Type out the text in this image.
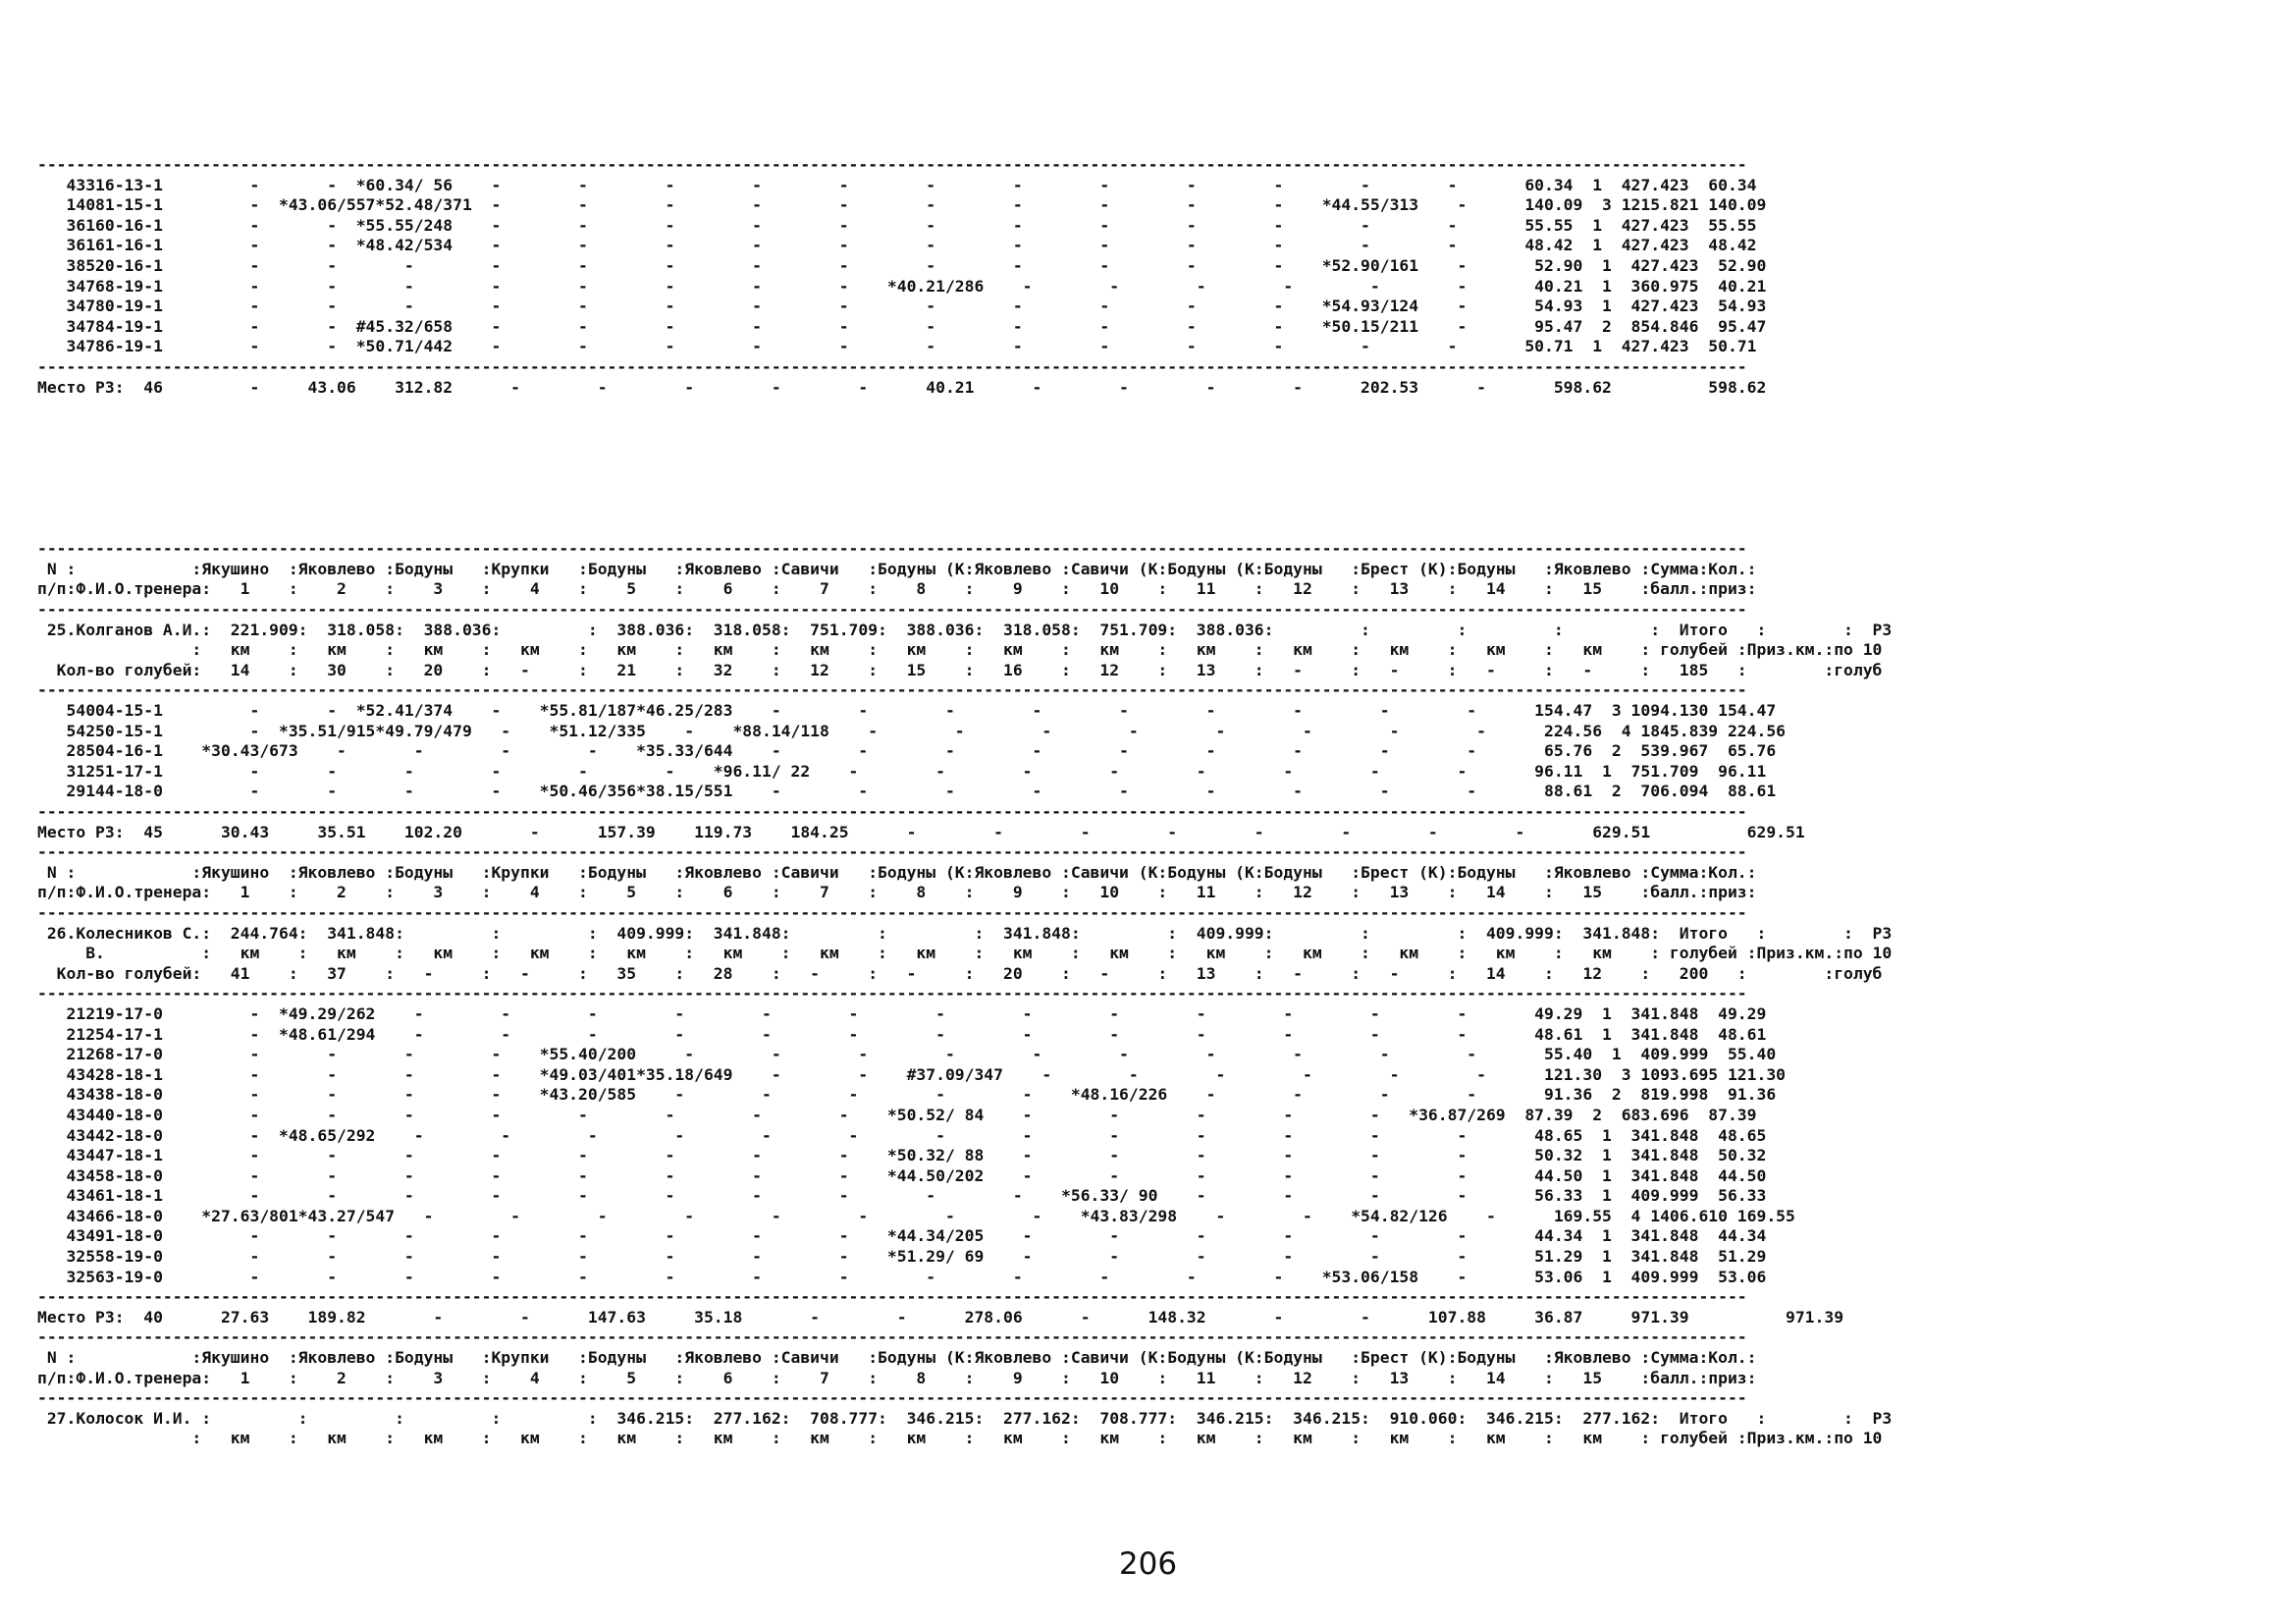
---------------------------------------------------------------------------------------------------------------------------------------------------------------------------------
43316-13-1         -       -  *60.34/ 56    -        -        -        -        -        -        -        -        -        -        -        -       60.34  1  427.423  60.34
14081-15-1         -  *43.06/557*52.48/371  -        -        -        -        -        -        -        -        -        -    *44.55/313    -      140.09  3 1215.821 140.09
36160-16-1         -       -  *55.55/248    -        -        -        -        -        -        -        -        -        -        -        -       55.55  1  427.423  55.55
36161-16-1         -       -  *48.42/534    -        -        -        -        -        -        -        -        -        -        -        -       48.42  1  427.423  48.42
38520-16-1         -       -       -        -        -        -        -        -        -        -        -        -        -    *52.90/161    -       52.90  1  427.423  52.90
34768-19-1         -       -       -        -        -        -        -        -    *40.21/286    -        -        -        -        -        -       40.21  1  360.975  40.21
34780-19-1         -       -       -        -        -        -        -        -        -        -        -        -        -    *54.93/124    -       54.93  1  427.423  54.93
34784-19-1         -       -  #45.32/658    -        -        -        -        -        -        -        -        -        -    *50.15/211    -       95.47  2  854.846  95.47
34786-19-1         -       -  *50.71/442    -        -        -        -        -        -        -        -        -        -        -        -       50.71  1  427.423  50.71
---------------------------------------------------------------------------------------------------------------------------------------------------------------------------------
Место РЗ:  46         -     43.06    312.82      -        -        -        -        -      40.21      -        -        -        -      202.53      -       598.62          598.62

---------------------------------------------------------------------------------------------------------------------------------------------------------------------------------
N :            :Якушино  :Яковлево :Бодуны   :Крупки   :Бодуны   :Яковлево :Савичи   :Бодуны (К:Яковлево :Савичи (К:Бодуны (К:Бодуны   :Брест (К):Бодуны   :Яковлево :Сумма:Кол.:
п/п:Ф.И.О.тренера:   1    :    2    :    3    :    4    :    5    :    6    :    7    :    8    :    9    :   10    :   11    :   12    :   13    :   14    :   15    :балл.:приз:
---------------------------------------------------------------------------------------------------------------------------------------------------------------------------------
25.Колганов А.И.:  221.909:  318.058:  388.036:         :  388.036:  318.058:  751.709:  388.036:  318.058:  751.709:  388.036:         :         :         :         :  Итого   :        :  РЗ
:   км    :   км    :   км    :   км    :   км    :   км    :   км    :   км    :   км    :   км    :   км    :   км    :   км    :   км    :   км    : голубей :Приз.км.:по 10
Кол-во голубей:   14    :   30    :   20    :   -     :   21    :   32    :   12    :   15    :   16    :   12    :   13    :   -     :   -     :   -     :   -     :   185   :        :голуб
---------------------------------------------------------------------------------------------------------------------------------------------------------------------------------
54004-15-1         -       -  *52.41/374    -    *55.81/187*46.25/283    -        -        -        -        -        -        -        -        -      154.47  3 1094.130 154.47
54250-15-1         -  *35.51/915*49.79/479   -    *51.12/335    -    *88.14/118    -        -        -        -        -        -        -        -      224.56  4 1845.839 224.56
28504-16-1    *30.43/673    -       -        -        -    *35.33/644    -        -        -        -        -        -        -        -        -       65.76  2  539.967  65.76
31251-17-1         -       -       -        -        -        -    *96.11/ 22    -        -        -        -        -        -        -        -       96.11  1  751.709  96.11
29144-18-0         -       -       -        -    *50.46/356*38.15/551    -        -        -        -        -        -        -        -        -       88.61  2  706.094  88.61
---------------------------------------------------------------------------------------------------------------------------------------------------------------------------------
Место РЗ:  45      30.43     35.51    102.20       -      157.39    119.73    184.25      -        -        -        -        -        -        -        -       629.51          629.51
---------------------------------------------------------------------------------------------------------------------------------------------------------------------------------
N :            :Якушино  :Яковлево :Бодуны   :Крупки   :Бодуны   :Яковлево :Савичи   :Бодуны (К:Яковлево :Савичи (К:Бодуны (К:Бодуны   :Брест (К):Бодуны   :Яковлево :Сумма:Кол.:
п/п:Ф.И.О.тренера:   1    :    2    :    3    :    4    :    5    :    6    :    7    :    8    :    9    :   10    :   11    :   12    :   13    :   14    :   15    :балл.:приз:
---------------------------------------------------------------------------------------------------------------------------------------------------------------------------------
26.Колесников С.:  244.764:  341.848:         :         :  409.999:  341.848:         :         :  341.848:         :  409.999:         :         :  409.999:  341.848:  Итого   :        :  РЗ
В.          :   км    :   км    :   км    :   км    :   км    :   км    :   км    :   км    :   км    :   км    :   км    :   км    :   км    :   км    :   км    : голубей :Приз.км.:по 10
Кол-во голубей:   41    :   37    :   -     :   -     :   35    :   28    :   -     :   -     :   20    :   -     :   13    :   -     :   -     :   14    :   12    :   200   :        :голуб
---------------------------------------------------------------------------------------------------------------------------------------------------------------------------------
21219-17-0         -  *49.29/262    -        -        -        -        -        -        -        -        -        -        -        -        -       49.29  1  341.848  49.29
21254-17-1         -  *48.61/294    -        -        -        -        -        -        -        -        -        -        -        -        -       48.61  1  341.848  48.61
21268-17-0         -       -       -        -    *55.40/200     -        -        -        -        -        -        -        -        -        -       55.40  1  409.999  55.40
43428-18-1         -       -       -        -    *49.03/401*35.18/649    -        -    #37.09/347    -        -        -        -        -        -      121.30  3 1093.695 121.30
43438-18-0         -       -       -        -    *43.20/585    -        -        -        -        -    *48.16/226    -        -        -        -       91.36  2  819.998  91.36
43440-18-0         -       -       -        -        -        -        -        -    *50.52/ 84    -        -        -        -        -   *36.87/269  87.39  2  683.696  87.39
43442-18-0         -  *48.65/292    -        -        -        -        -        -        -        -        -        -        -        -        -       48.65  1  341.848  48.65
43447-18-1         -       -       -        -        -        -        -        -    *50.32/ 88    -        -        -        -        -        -       50.32  1  341.848  50.32
43458-18-0         -       -       -        -        -        -        -        -    *44.50/202    -        -        -        -        -        -       44.50  1  341.848  44.50
43461-18-1         -       -       -        -        -        -        -        -        -        -    *56.33/ 90    -        -        -        -       56.33  1  409.999  56.33
43466-18-0    *27.63/801*43.27/547   -        -        -        -        -        -        -        -    *43.83/298    -        -    *54.82/126    -      169.55  4 1406.610 169.55
43491-18-0         -       -       -        -        -        -        -        -    *44.34/205    -        -        -        -        -        -       44.34  1  341.848  44.34
32558-19-0         -       -       -        -        -        -        -        -    *51.29/ 69    -        -        -        -        -        -       51.29  1  341.848  51.29
32563-19-0         -       -       -        -        -        -        -        -        -        -        -        -        -    *53.06/158    -       53.06  1  409.999  53.06
---------------------------------------------------------------------------------------------------------------------------------------------------------------------------------
Место РЗ:  40      27.63    189.82       -        -      147.63     35.18       -        -      278.06      -      148.32       -        -      107.88     36.87     971.39          971.39
---------------------------------------------------------------------------------------------------------------------------------------------------------------------------------
N :            :Якушино  :Яковлево :Бодуны   :Крупки   :Бодуны   :Яковлево :Савичи   :Бодуны (К:Яковлево :Савичи (К:Бодуны (К:Бодуны   :Брест (К):Бодуны   :Яковлево :Сумма:Кол.:
п/п:Ф.И.О.тренера:   1    :    2    :    3    :    4    :    5    :    6    :    7    :    8    :    9    :   10    :   11    :   12    :   13    :   14    :   15    :балл.:приз:
---------------------------------------------------------------------------------------------------------------------------------------------------------------------------------
27.Колосок И.И. :         :         :         :         :  346.215:  277.162:  708.777:  346.215:  277.162:  708.777:  346.215:  346.215:  910.060:  346.215:  277.162:  Итого   :        :  РЗ
:   км    :   км    :   км    :   км    :   км    :   км    :   км    :   км    :   км    :   км    :   км    :   км    :   км    :   км    :   км    : голубей :Приз.км.:по 10
206
